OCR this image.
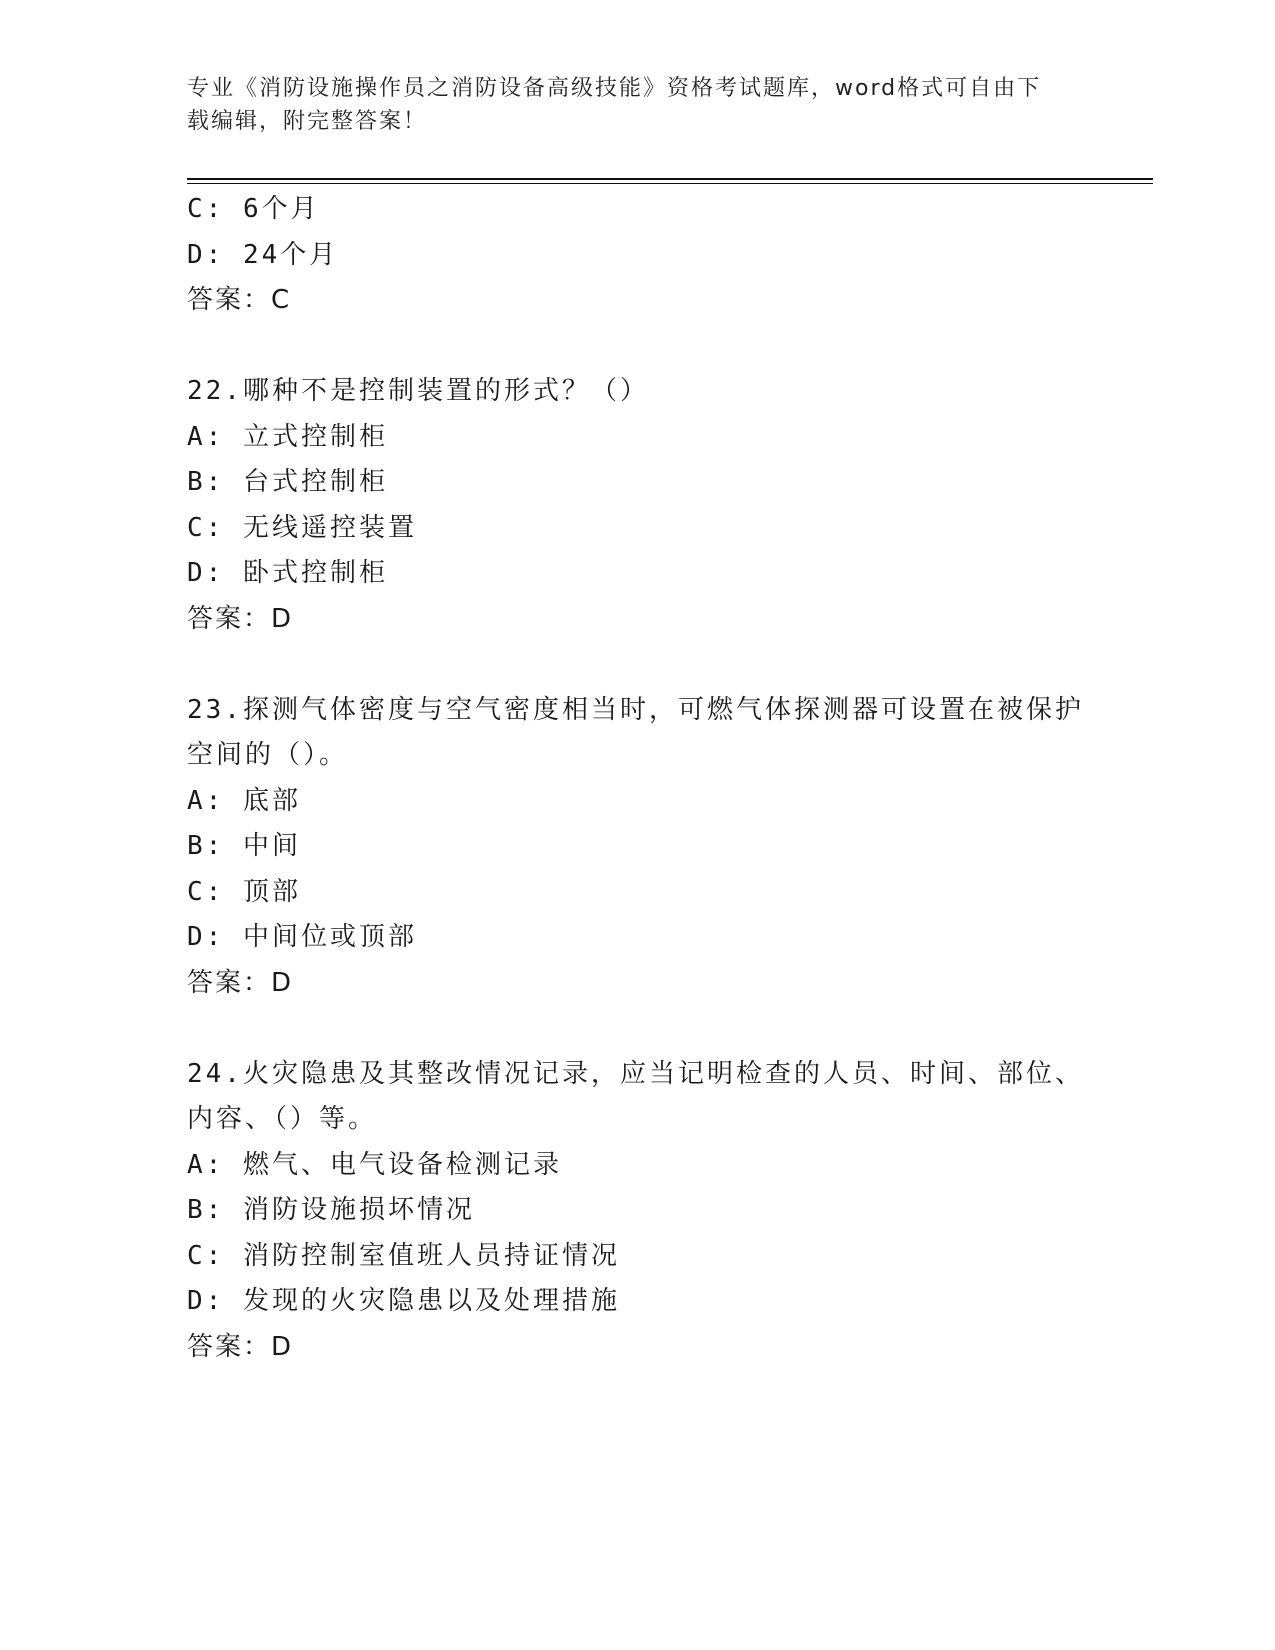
专业《消防设施操作员之消防设备高级技能》资格考试题库，word格式可自由下
载编辑，附完整答案！
C: 6个月
D: 24个月
答案：C
22.哪种不是控制装置的形式？（）
A: 立式控制柜
B: 台式控制柜
C: 无线遥控装置
D: 卧式控制柜
答案：D
23.探测气体密度与空气密度相当时，可燃气体探测器可设置在被保护
空间的（）。
A: 底部
B: 中间
C: 顶部
D: 中间位或顶部
答案：D
24.火灾隐患及其整改情况记录，应当记明检查的人员、时间、部位、
内容、（）等。
A: 燃气、电气设备检测记录
B: 消防设施损坏情况
C: 消防控制室值班人员持证情况
D: 发现的火灾隐患以及处理措施
答案：D
